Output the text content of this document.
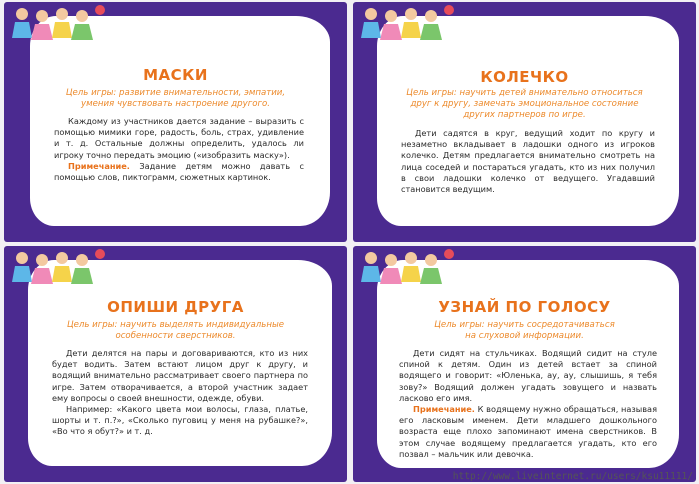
МАСКИ
Цель игры: развитие внимательности, эмпатии,
умения чувствовать настроение другого.

Каждому из участников дается задание – выразить с помощью мимики горе, радость, боль, страх, удивление и т. д. Остальные должны определить, удалось ли игроку точно передать эмоцию («изобразить маску»).

Примечание. Задание детям можно давать с помощью слов, пиктограмм, сюжетных картинок.

КОЛЕЧКО
Цель игры: научить детей внимательно относиться
друг к другу, замечать эмоциональное состояние
других партнеров по игре.

Дети садятся в круг, ведущий ходит по кругу и незаметно вкладывает в ладошки одного из игроков колечко. Детям предлагается внимательно смотреть на лица соседей и постараться угадать, кто из них получил в свои ладошки колечко от ведущего. Угадавший становится ведущим.

ОПИШИ ДРУГА
Цель игры: научить выделять индивидуальные
особенности сверстников.

Дети делятся на пары и договариваются, кто из них будет водить. Затем встают лицом друг к другу, и водящий внимательно рассматривает своего партнера по игре. Затем отворачивается, а второй участник задает ему вопросы о своей внешности, одежде, обуви.

Например: «Какого цвета мои волосы, глаза, платье, шорты и т. п.?», «Сколько пуговиц у меня на рубашке?», «Во что я обут?» и т. д.

УЗНАЙ ПО ГОЛОСУ
Цель игры: научить сосредотачиваться
на слуховой информации.

Дети сидят на стульчиках. Водящий сидит на стуле спиной к детям. Один из детей встает за спиной водящего и говорит: «Юленька, ау, ау, слышишь, я тебя зову?» Водящий должен угадать зовущего и назвать ласково его имя.

Примечание. К водящему нужно обращаться, называя его ласковым именем. Дети младшего дошкольного возраста еще плохо запоминают имена сверстников. В этом случае водящему предлагается угадать, кто его позвал – мальчик или девочка.

http://www.liveinternet.ru/users/ksu11111/
